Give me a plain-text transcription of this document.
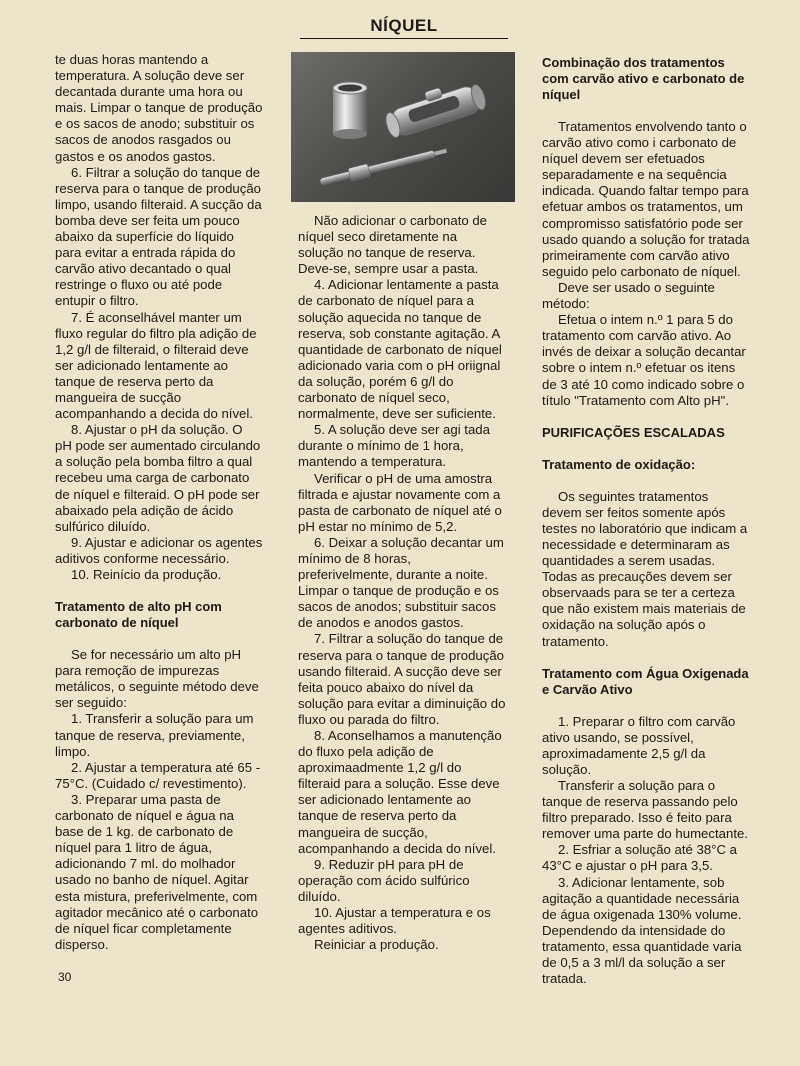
NÍQUEL

te duas horas mantendo a temperatura. A solução deve ser decantada durante uma hora ou mais. Limpar o tanque de produção e os sacos de anodo; substituir os sacos de anodos rasgados ou gastos e os anodos gastos.

6. Filtrar a solução do tanque de reserva para o tanque de produção limpo, usando filteraid. A sucção da bomba deve ser feita um pouco abaixo da superfície do líquido para evitar a entrada rápida do carvão ativo decantado o qual restringe o fluxo ou até pode entupir o filtro.

7. É aconselhável manter um fluxo regular do filtro pla adição de 1,2 g/l de filteraid, o filteraid deve ser adicionado lentamente ao tanque de reserva perto da mangueira de sucção acompanhando a decida do nível.

8. Ajustar o pH da solução. O pH pode ser aumentado circulando a solução pela bomba filtro a qual recebeu uma carga de carbonato de níquel e filteraid. O pH pode ser abaixado pela adição de ácido sulfúrico diluído.

9. Ajustar e adicionar os agentes aditivos conforme necessário.

10. Reinício da produção.

Tratamento de alto pH com carbonato de níquel

Se for necessário um alto pH para remoção de impurezas metálicos, o seguinte método deve ser seguido:

1. Transferir a solução para um tanque de reserva, previamente, limpo.

2. Ajustar a temperatura até 65 - 75°C. (Cuidado c/ revestimento).

3. Preparar uma pasta de carbonato de níquel e água na base de 1 kg. de carbonato de níquel para 1 litro de água, adicionando 7 ml. do molhador usado no banho de níquel. Agitar esta mistura, preferivelmente, com agitador mecânico até o carbonato de níquel ficar completamente disperso.

Não adicionar o carbonato de níquel seco diretamente na solução no tanque de reserva. Deve-se, sempre usar a pasta.

4. Adicionar lentamente a pasta de carbonato de níquel para a solução aquecida no tanque de reserva, sob constante agitação. A quantidade de carbonato de níquel adicionado varia com o pH oriignal da solução, porém 6 g/l do carbonato de níquel seco, normalmente, deve ser suficiente.

5. A solução deve ser agi tada durante o mínimo de 1 hora, mantendo a temperatura.

Verificar o pH de uma amostra filtrada e ajustar novamente com a pasta de carbonato de níquel até o pH estar no mínimo de 5,2.

6. Deixar a solução decantar um mínimo de 8 horas, preferivelmente, durante a noite. Limpar o tanque de produção e os sacos de anodos; substituir sacos de anodos e anodos gastos.

7. Filtrar a solução do tanque de reserva para o tanque de produção usando filteraid. A sucção deve ser feita pouco abaixo do nível da solução para evitar a diminuição do fluxo ou parada do filtro.

8. Aconselhamos a manutenção do fluxo pela adição de aproximaadmente 1,2 g/l do filteraid para a solução. Esse deve ser adicionado lentamente ao tanque de reserva perto da mangueira de sucção, acompanhando a decida do nível.

9. Reduzir pH para pH de operação com ácido sulfúrico diluído.

10. Ajustar a temperatura e os agentes aditivos.

Reiniciar a produção.

Combinação dos tratamentos com carvão ativo e carbonato de níquel

Tratamentos envolvendo tanto o carvão ativo como i carbonato de níquel devem ser efetuados separadamente e na sequência indicada. Quando faltar tempo para efetuar ambos os tratamentos, um compromisso satisfatório pode ser usado quando a solução for tratada primeiramente com carvão ativo seguido pelo carbonato de níquel.

Deve ser usado o seguinte método:

Efetua o intem n.º 1 para 5 do tratamento com carvão ativo. Ao invés de deixar a solução decantar sobre o intem n.º efetuar os itens de 3 até 10 como indicado sobre o título "Tratamento com Alto pH".

PURIFICAÇÕES ESCALADAS
Tratamento de oxidação:

Os seguintes tratamentos devem ser feitos somente após testes no laboratório que indicam a necessidade e determinaram as quantidades a serem usadas. Todas as precauções devem ser observaads para se ter a certeza que não existem mais materiais de oxidação na solução após o tratamento.

Tratamento com Água Oxigenada e Carvão Ativo

1. Preparar o filtro com carvão ativo usando, se possível, aproximadamente 2,5 g/l da solução.

Transferir a solução para o tanque de reserva passando pelo filtro preparado. Isso é feito para remover uma parte do humectante.

2. Esfriar a solução até 38°C a 43°C e ajustar o pH para 3,5.

3. Adicionar lentamente, sob agitação a quantidade necessária de água oxigenada 130% volume. Dependendo da intensidade do tratamento, essa quantidade varia de 0,5 a 3 ml/l da solução a ser tratada.

30
